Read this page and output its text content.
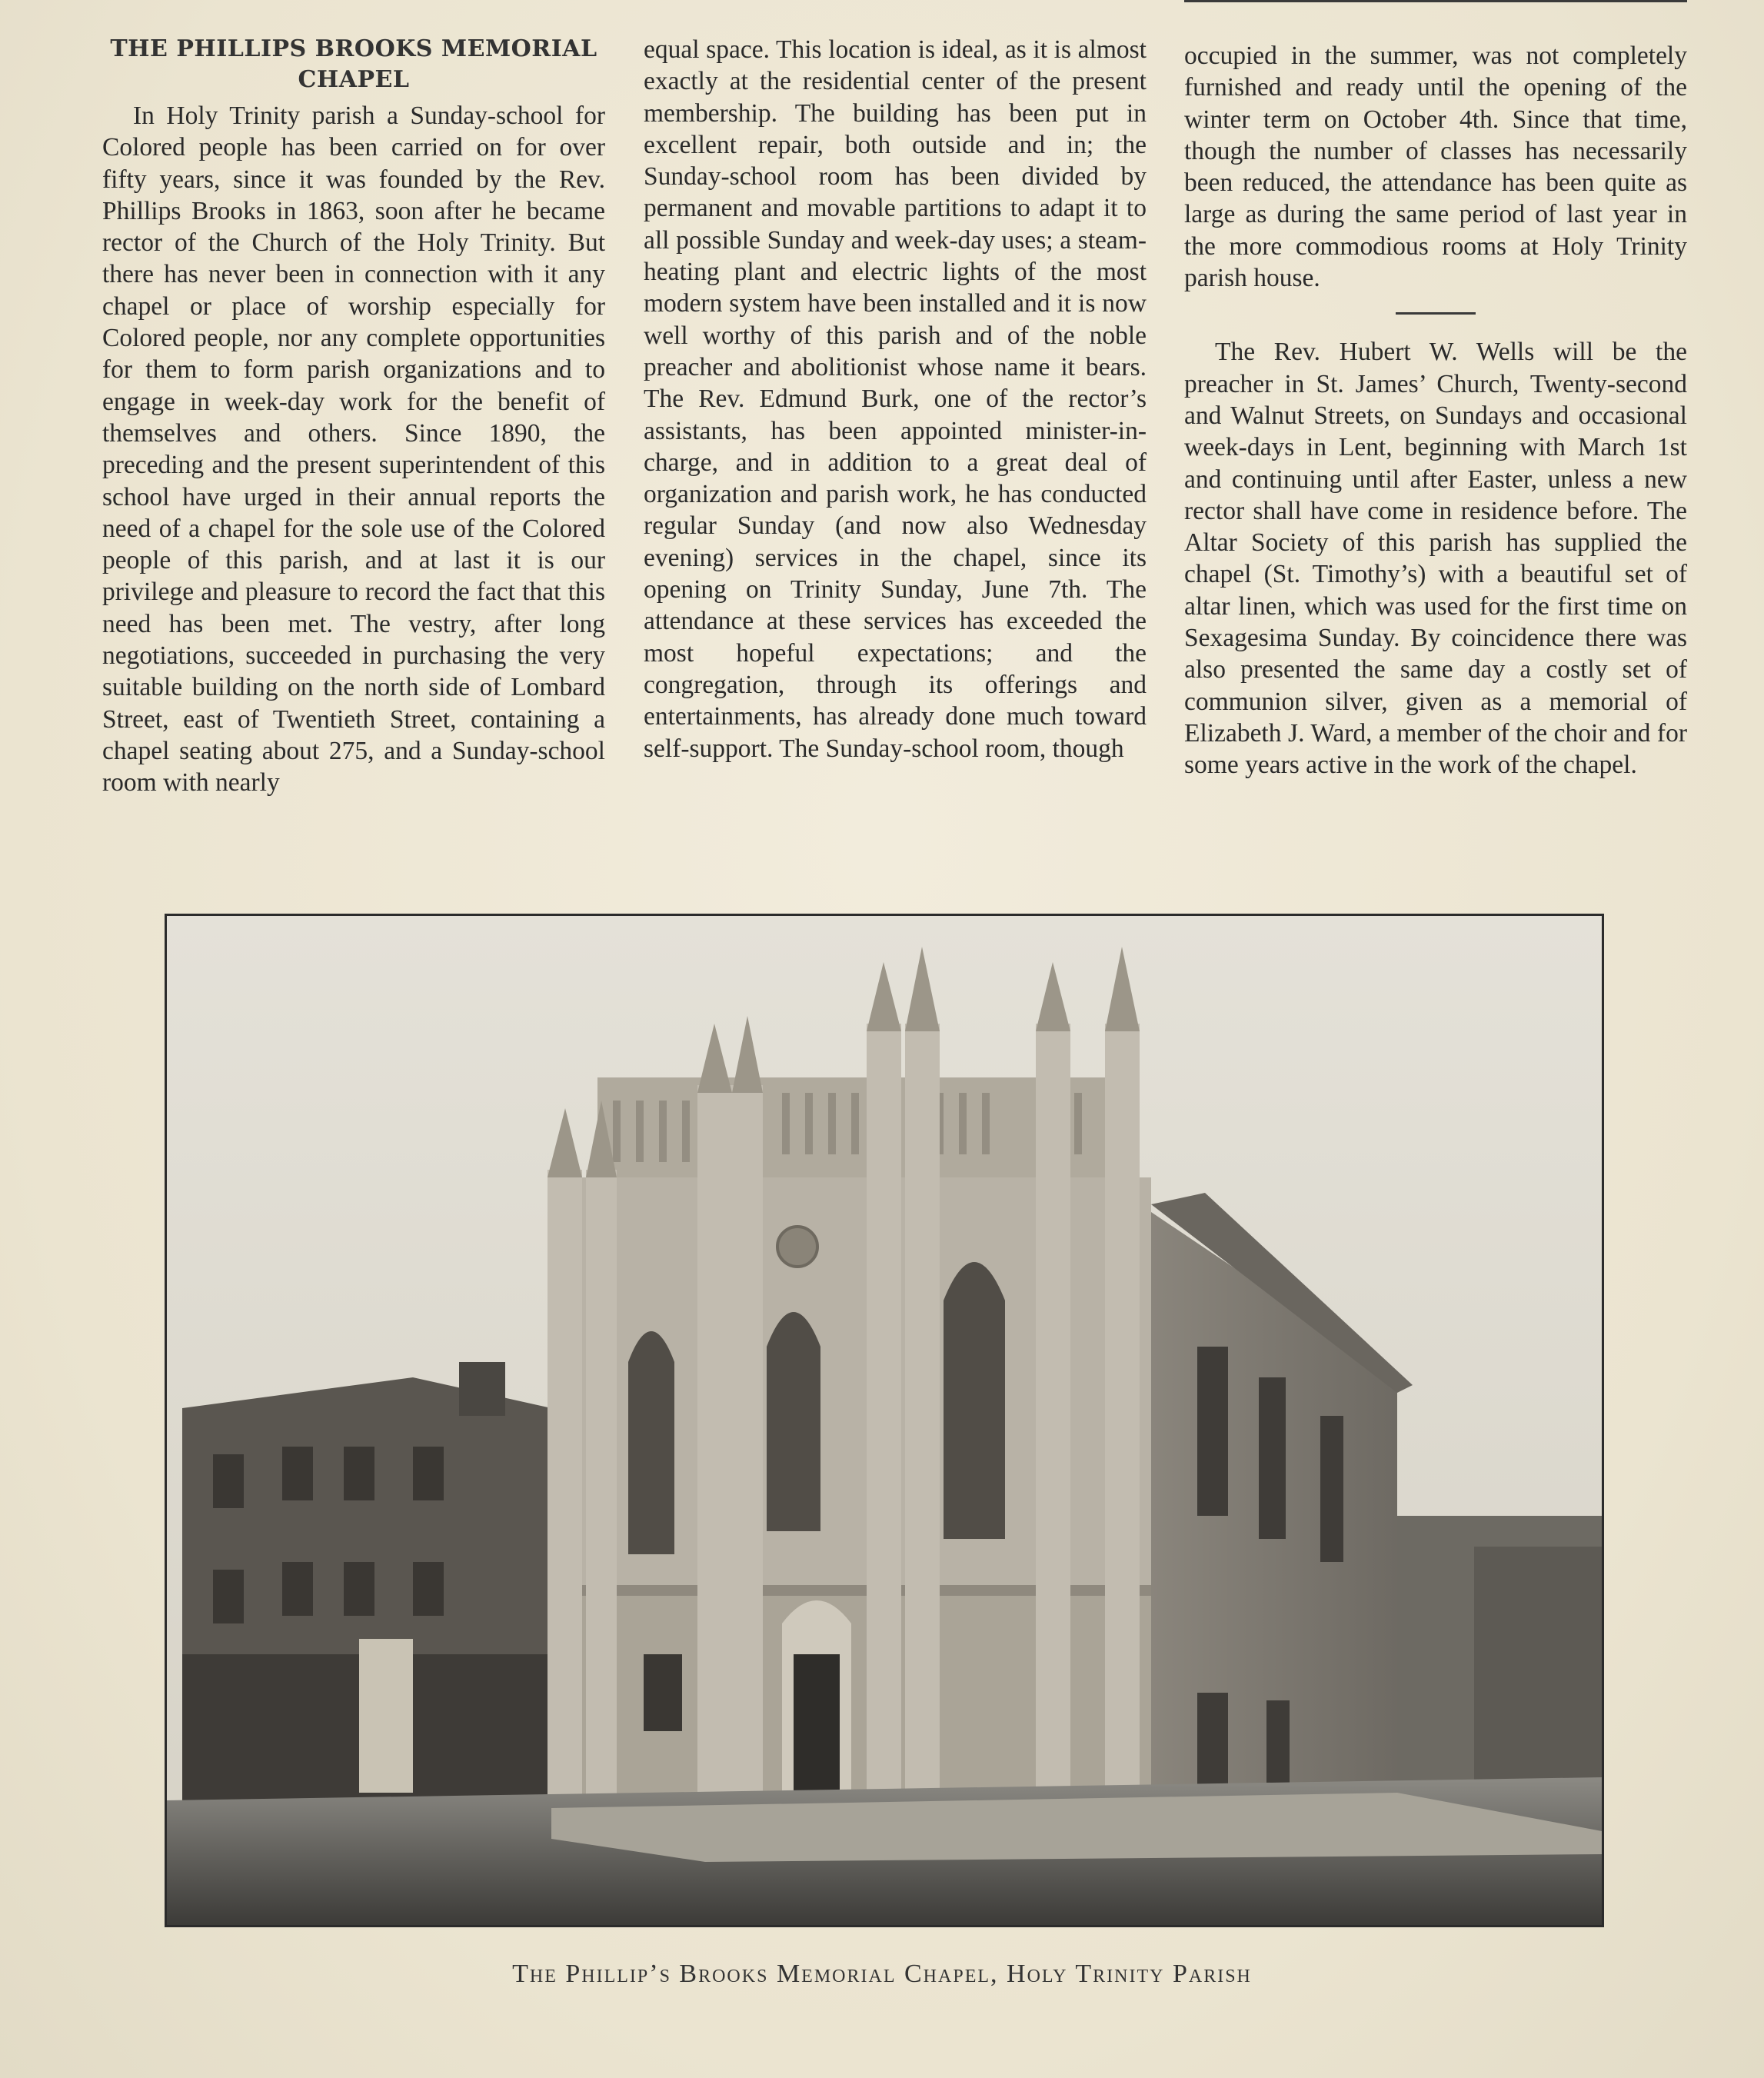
THE PHILLIPS BROOKS MEMORIAL CHAPEL

In Holy Trinity parish a Sunday-school for Colored people has been carried on for over fifty years, since it was founded by the Rev. Phillips Brooks in 1863, soon after he became rector of the Church of the Holy Trinity. But there has never been in connection with it any chapel or place of worship especially for Colored people, nor any complete opportunities for them to form parish organizations and to engage in week-day work for the benefit of themselves and others. Since 1890, the preceding and the present superintendent of this school have urged in their annual reports the need of a chapel for the sole use of the Colored people of this parish, and at last it is our privilege and pleasure to record the fact that this need has been met. The vestry, after long negotiations, succeeded in purchasing the very suitable building on the north side of Lombard Street, east of Twentieth Street, containing a chapel seating about 275, and a Sunday-school room with nearly

equal space. This location is ideal, as it is almost exactly at the residential center of the present membership. The building has been put in excellent repair, both outside and in; the Sunday-school room has been divided by permanent and movable partitions to adapt it to all possible Sunday and week-day uses; a steam-heating plant and electric lights of the most modern system have been installed and it is now well worthy of this parish and of the noble preacher and abolitionist whose name it bears. The Rev. Edmund Burk, one of the rector’s assistants, has been appointed minister-in-charge, and in addition to a great deal of organization and parish work, he has conducted regular Sunday (and now also Wednesday evening) services in the chapel, since its opening on Trinity Sunday, June 7th. The attendance at these services has exceeded the most hopeful expectations; and the congregation, through its offerings and entertainments, has already done much toward self-support. The Sunday-school room, though

occupied in the summer, was not completely furnished and ready until the opening of the winter term on October 4th. Since that time, though the number of classes has necessarily been reduced, the attendance has been quite as large as during the same period of last year in the more commodious rooms at Holy Trinity parish house.

The Rev. Hubert W. Wells will be the preacher in St. James’ Church, Twenty-second and Walnut Streets, on Sundays and occasional week-days in Lent, beginning with March 1st and continuing until after Easter, unless a new rector shall have come in residence before. The Altar Society of this parish has supplied the chapel (St. Timothy’s) with a beautiful set of altar linen, which was used for the first time on Sexagesima Sunday. By coincidence there was also presented the same day a costly set of communion silver, given as a memorial of Elizabeth J. Ward, a member of the choir and for some years active in the work of the chapel.

The Phillip’s Brooks Memorial Chapel, Holy Trinity Parish
